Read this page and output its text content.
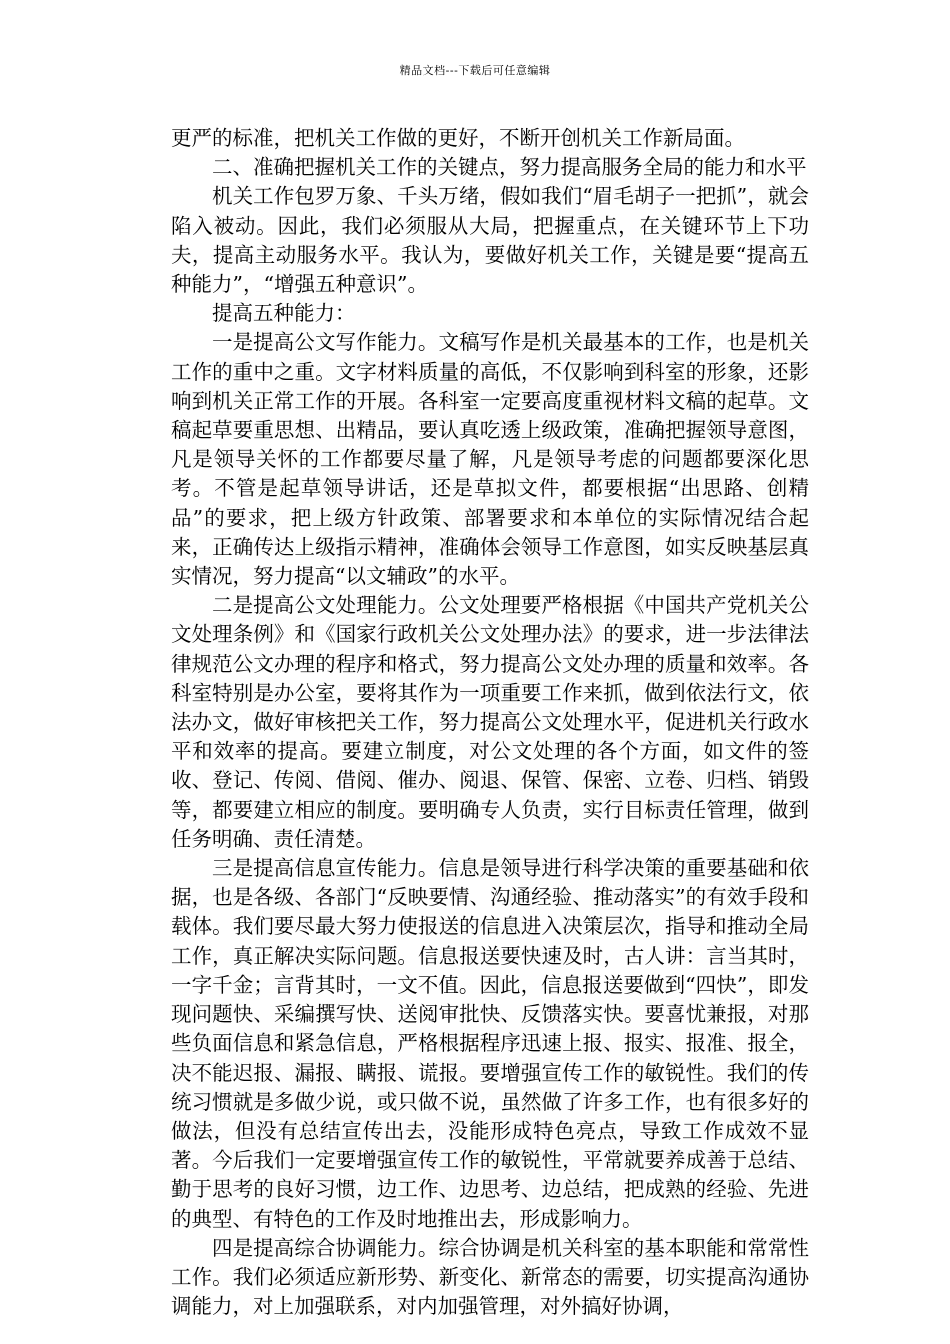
精品文档---下载后可任意编辑

更严的标准，把机关工作做的更好，不断开创机关工作新局面。

二、准确把握机关工作的关键点，努力提高服务全局的能力和水平

机关工作包罗万象、千头万绪，假如我们“眉毛胡子一把抓”，就会陷入被动。因此，我们必须服从大局，把握重点，在关键环节上下功夫，提高主动服务水平。我认为，要做好机关工作，关键是要“提高五种能力”，“增强五种意识”。

提高五种能力：

一是提高公文写作能力。文稿写作是机关最基本的工作，也是机关工作的重中之重。文字材料质量的高低，不仅影响到科室的形象，还影响到机关正常工作的开展。各科室一定要高度重视材料文稿的起草。文稿起草要重思想、出精品，要认真吃透上级政策，准确把握领导意图，凡是领导关怀的工作都要尽量了解，凡是领导考虑的问题都要深化思考。不管是起草领导讲话，还是草拟文件，都要根据“出思路、创精品”的要求，把上级方针政策、部署要求和本单位的实际情况结合起来，正确传达上级指示精神，准确体会领导工作意图，如实反映基层真实情况，努力提高“以文辅政”的水平。

二是提高公文处理能力。公文处理要严格根据《中国共产党机关公文处理条例》和《国家行政机关公文处理办法》的要求，进一步法律法律规范公文办理的程序和格式，努力提高公文处办理的质量和效率。各科室特别是办公室，要将其作为一项重要工作来抓，做到依法行文，依法办文，做好审核把关工作，努力提高公文处理水平，促进机关行政水平和效率的提高。要建立制度，对公文处理的各个方面，如文件的签收、登记、传阅、借阅、催办、阅退、保管、保密、立卷、归档、销毁等，都要建立相应的制度。要明确专人负责，实行目标责任管理，做到任务明确、责任清楚。

三是提高信息宣传能力。信息是领导进行科学决策的重要基础和依据，也是各级、各部门“反映要情、沟通经验、推动落实”的有效手段和载体。我们要尽最大努力使报送的信息进入决策层次，指导和推动全局工作，真正解决实际问题。信息报送要快速及时，古人讲：言当其时，一字千金；言背其时，一文不值。因此，信息报送要做到“四快”，即发现问题快、采编撰写快、送阅审批快、反馈落实快。要喜忧兼报，对那些负面信息和紧急信息，严格根据程序迅速上报、报实、报准、报全，决不能迟报、漏报、瞒报、谎报。要增强宣传工作的敏锐性。我们的传统习惯就是多做少说，或只做不说，虽然做了许多工作，也有很多好的做法，但没有总结宣传出去，没能形成特色亮点，导致工作成效不显著。今后我们一定要增强宣传工作的敏锐性，平常就要养成善于总结、勤于思考的良好习惯，边工作、边思考、边总结，把成熟的经验、先进的典型、有特色的工作及时地推出去，形成影响力。

四是提高综合协调能力。综合协调是机关科室的基本职能和常常性工作。我们必须适应新形势、新变化、新常态的需要，切实提高沟通协调能力，对上加强联系，对内加强管理，对外搞好协调，
